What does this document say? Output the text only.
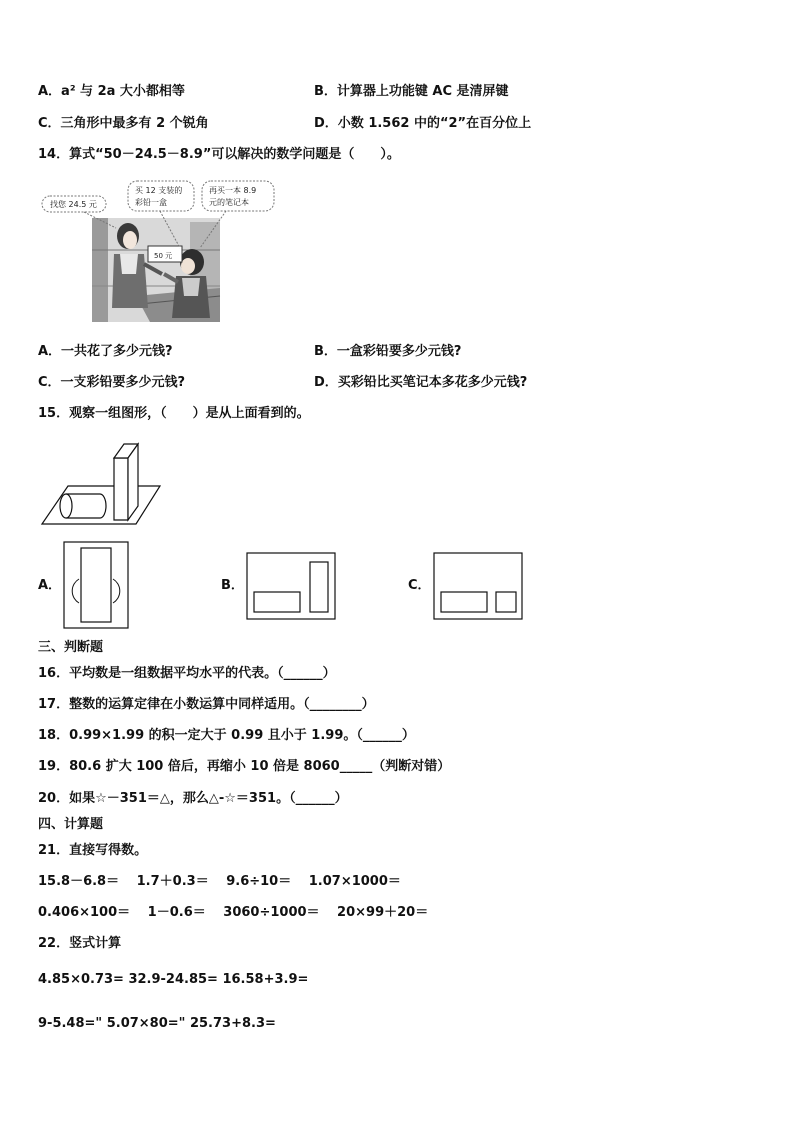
A．a² 与 2a 大小都相等	B．计算器上功能键 AC 是清屏键
C．三角形中最多有 2 个锐角	D．小数 1.562 中的“2”在百分位上
14．算式“50－24.5－8.9”可以解决的数学问题是（　　）。
找您 24.5 元
买 12 支装的
彩铅一盒
再买一本 8.9
元的笔记本
50 元
A．一共花了多少元钱?	B．一盒彩铅要多少元钱?
C．一支彩铅要多少元钱?	D．买彩铅比买笔记本多花多少元钱?
15．观察一组图形，（　　）是从上面看到的。
A．	B．	C．
三、判断题
16．平均数是一组数据平均水平的代表。（______）
17．整数的运算定律在小数运算中同样适用。（________）
18．0.99×1.99 的积一定大于 0.99 且小于 1.99。（______）
19．80.6 扩大 100 倍后，再缩小 10 倍是 8060_____（判断对错）
20．如果☆－351＝△，那么△-☆＝351。（______）
四、计算题
21．直接写得数。
15.8－6.8＝　 1.7＋0.3＝　 9.6÷10＝　 1.07×1000＝
0.406×100＝　 1－0.6＝　 3060÷1000＝　 20×99＋20＝
22．竖式计算
4.85×0.73= 32.9-24.85= 16.58+3.9=
9-5.48=" 5.07×80=" 25.73+8.3=
